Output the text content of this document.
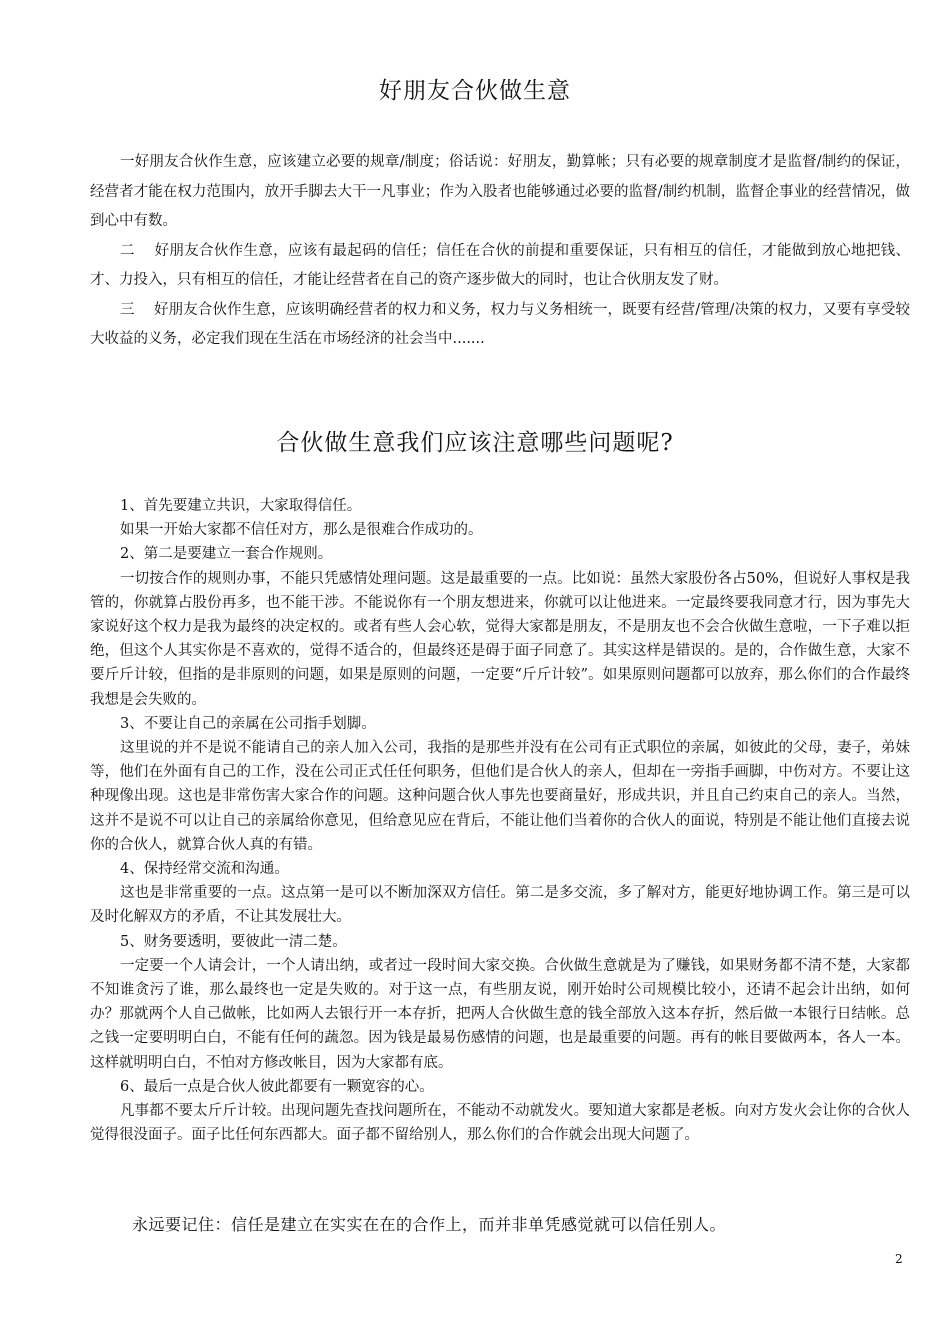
好朋友合伙做生意

一好朋友合伙作生意，应该建立必要的规章/制度；俗话说：好朋友，勤算帐；只有必要的规章制度才是监督/制约的保证，经营者才能在权力范围内，放开手脚去大干一凡事业；作为入股者也能够通过必要的监督/制约机制，监督企事业的经营情况，做到心中有数。

二　 好朋友合伙作生意，应该有最起码的信任；信任在合伙的前提和重要保证，只有相互的信任，才能做到放心地把钱、才、力投入，只有相互的信任，才能让经营者在自己的资产逐步做大的同时，也让合伙朋友发了财。

三　 好朋友合伙作生意，应该明确经营者的权力和义务，权力与义务相统一，既要有经营/管理/决策的权力，又要有享受较大收益的义务，必定我们现在生活在市场经济的社会当中.......

合伙做生意我们应该注意哪些问题呢?

1、首先要建立共识，大家取得信任。

如果一开始大家都不信任对方，那么是很难合作成功的。

2、第二是要建立一套合作规则。

一切按合作的规则办事，不能只凭感情处理问题。这是最重要的一点。比如说：虽然大家股份各占50%，但说好人事权是我管的，你就算占股份再多，也不能干涉。不能说你有一个朋友想进来，你就可以让他进来。一定最终要我同意才行，因为事先大家说好这个权力是我为最终的决定权的。或者有些人会心软，觉得大家都是朋友，不是朋友也不会合伙做生意啦，一下子难以拒绝，但这个人其实你是不喜欢的，觉得不适合的，但最终还是碍于面子同意了。其实这样是错误的。是的，合作做生意，大家不要斤斤计较，但指的是非原则的问题，如果是原则的问题，一定要“斤斤计较”。如果原则问题都可以放弃，那么你们的合作最终我想是会失败的。

3、不要让自己的亲属在公司指手划脚。

这里说的并不是说不能请自己的亲人加入公司，我指的是那些并没有在公司有正式职位的亲属，如彼此的父母，妻子，弟妹等，他们在外面有自己的工作，没在公司正式任任何职务，但他们是合伙人的亲人，但却在一旁指手画脚，中伤对方。不要让这种现像出现。这也是非常伤害大家合作的问题。这种问题合伙人事先也要商量好，形成共识，并且自己约束自己的亲人。当然，这并不是说不可以让自己的亲属给你意见，但给意见应在背后，不能让他们当着你的合伙人的面说，特别是不能让他们直接去说你的合伙人，就算合伙人真的有错。

4、保持经常交流和沟通。

这也是非常重要的一点。这点第一是可以不断加深双方信任。第二是多交流，多了解对方，能更好地协调工作。第三是可以及时化解双方的矛盾，不让其发展壮大。

5、财务要透明，要彼此一清二楚。

一定要一个人请会计，一个人请出纳，或者过一段时间大家交换。合伙做生意就是为了赚钱，如果财务都不清不楚，大家都不知谁贪污了谁，那么最终也一定是失败的。对于这一点，有些朋友说，刚开始时公司规模比较小，还请不起会计出纳，如何办？那就两个人自己做帐，比如两人去银行开一本存折，把两人合伙做生意的钱全部放入这本存折，然后做一本银行日结帐。总之钱一定要明明白白，不能有任何的蔬忽。因为钱是最易伤感情的问题，也是最重要的问题。再有的帐目要做两本，各人一本。这样就明明白白，不怕对方修改帐目，因为大家都有底。

6、最后一点是合伙人彼此都要有一颗宽容的心。

凡事都不要太斤斤计较。出现问题先查找问题所在，不能动不动就发火。要知道大家都是老板。向对方发火会让你的合伙人觉得很没面子。面子比任何东西都大。面子都不留给别人，那么你们的合作就会出现大问题了。

永远要记住：信任是建立在实实在在的合作上，而并非单凭感觉就可以信任别人。
2
